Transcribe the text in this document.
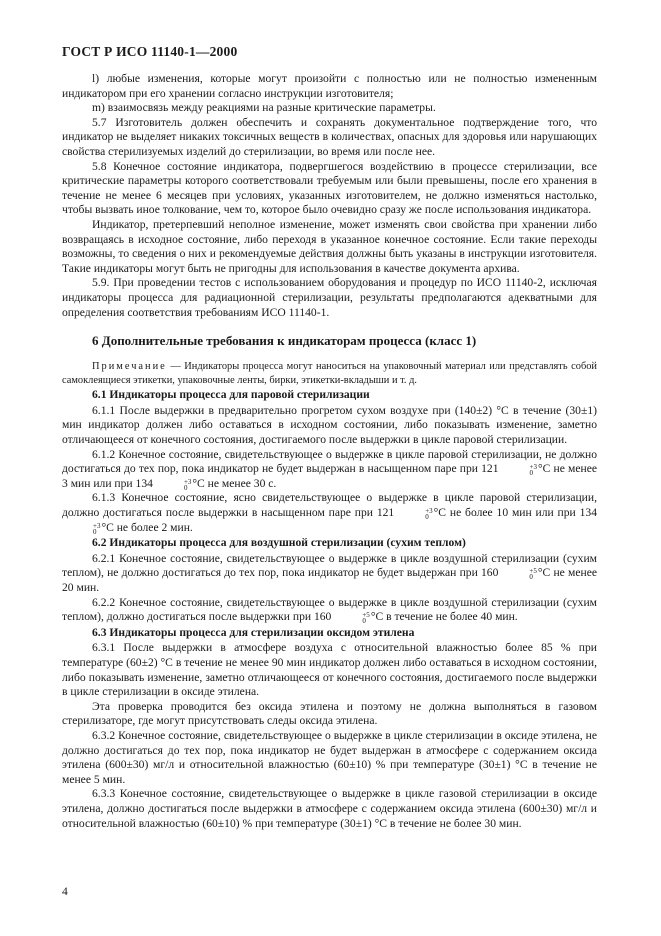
ГОСТ Р ИСО 11140-1—2000

l) любые изменения, которые могут произойти с полностью или не полностью измененным индикатором при его хранении согласно инструкции изготовителя;

m) взаимосвязь между реакциями на разные критические параметры.

5.7 Изготовитель должен обеспечить и сохранять документальное подтверждение того, что индикатор не выделяет никаких токсичных веществ в количествах, опасных для здоровья или нарушающих свойства стерилизуемых изделий до стерилизации, во время или после нее.

5.8 Конечное состояние индикатора, подвергшегося воздействию в процессе стерилизации, все критические параметры которого соответствовали требуемым или были превышены, после его хранения в течение не менее 6 месяцев при условиях, указанных изготовителем, не должно изменяться настолько, чтобы вызвать иное толкование, чем то, которое было очевидно сразу же после использования индикатора.

Индикатор, претерпевший неполное изменение, может изменять свои свойства при хранении либо возвращаясь в исходное состояние, либо переходя в указанное конечное состояние. Если такие переходы возможны, то сведения о них и рекомендуемые действия должны быть указаны в инструкции изготовителя. Такие индикаторы могут быть не пригодны для использования в качестве документа архива.

5.9. При проведении тестов с использованием оборудования и процедур по ИСО 11140-2, исключая индикаторы процесса для радиационной стерилизации, результаты предполагаются адекватными для определения соответствия требованиям ИСО 11140-1.

6 Дополнительные требования к индикаторам процесса (класс 1)

Примечание — Индикаторы процесса могут наноситься на упаковочный материал или представлять собой самоклеящиеся этикетки, упаковочные ленты, бирки, этикетки-вкладыши и т. д.

6.1 Индикаторы процесса для паровой стерилизации

6.1.1 После выдержки в предварительно прогретом сухом воздухе при (140±2) °С в течение (30±1) мин индикатор должен либо оставаться в исходном состоянии, либо показывать изменение, заметно отличающееся от конечного состояния, достигаемого после выдержки в цикле паровой стерилизации.

6.1.2 Конечное состояние, свидетельствующее о выдержке в цикле паровой стерилизации, не должно достигаться до тех пор, пока индикатор не будет выдержан в насыщенном паре при 121	+3
0 °С не менее 3 мин или при 134	+3
0 °С не менее 30 с.

6.1.3 Конечное состояние, ясно свидетельствующее о выдержке в цикле паровой стерилизации, должно достигаться после выдержки в насыщенном паре при 121	+3
0 °С не более 10 мин или при 134
+3
0 °С не более 2 мин.

6.2 Индикаторы процесса для воздушной стерилизации (сухим теплом)

6.2.1 Конечное состояние, свидетельствующее о выдержке в цикле воздушной стерилизации (сухим теплом), не должно достигаться до тех пор, пока индикатор не будет выдержан при 160	+5
0 °С не менее 20 мин.

6.2.2 Конечное состояние, свидетельствующее о выдержке в цикле воздушной стерилизации (сухим теплом), должно достигаться после выдержки при 160	+5
0 °С в течение не более 40 мин.

6.3 Индикаторы процесса для стерилизации оксидом этилена

6.3.1 После выдержки в атмосфере воздуха с относительной влажностью более 85 % при температуре (60±2) °С в течение не менее 90 мин индикатор должен либо оставаться в исходном состоянии, либо показывать изменение, заметно отличающееся от конечного состояния, достигаемого после выдержки в цикле стерилизации в оксиде этилена.

Эта проверка проводится без оксида этилена и поэтому не должна выполняться в газовом стерилизаторе, где могут присутствовать следы оксида этилена.

6.3.2 Конечное состояние, свидетельствующее о выдержке в цикле стерилизации в оксиде этилена, не должно достигаться до тех пор, пока индикатор не будет выдержан в атмосфере с содержанием оксида этилена (600±30) мг/л и относительной влажностью (60±10) % при температуре (30±1) °С в течение не менее 5 мин.

6.3.3 Конечное состояние, свидетельствующее о выдержке в цикле газовой стерилизации в оксиде этилена, должно достигаться после выдержки в атмосфере с содержанием оксида этилена (600±30) мг/л и относительной влажностью (60±10) % при температуре (30±1) °С в течение не более 30 мин.

4
